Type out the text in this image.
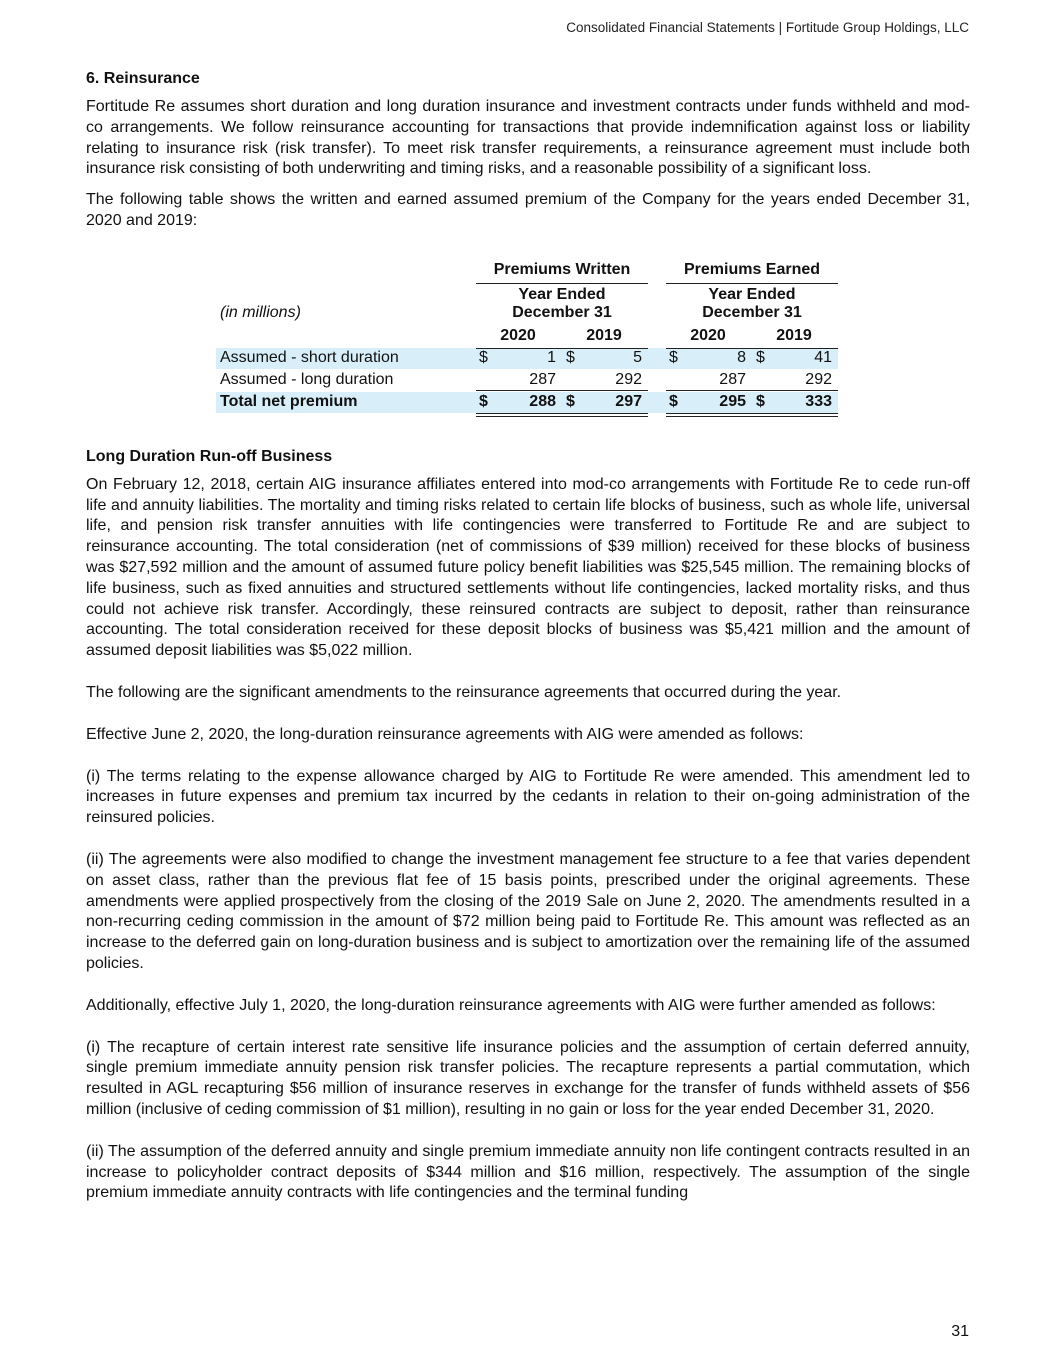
Consolidated Financial Statements | Fortitude Group Holdings, LLC
6. Reinsurance

Fortitude Re assumes short duration and long duration insurance and investment contracts under funds withheld and mod-co arrangements. We follow reinsurance accounting for transactions that provide indemnification against loss or liability relating to insurance risk (risk transfer). To meet risk transfer requirements, a reinsurance agreement must include both insurance risk consisting of both underwriting and timing risks, and a reasonable possibility of a significant loss.

The following table shows the written and earned assumed premium of the Company for the years ended December 31, 2020 and 2019:

Premiums Written	Premiums Earned
Year Ended
December 31
Year Ended
December 31
(in millions)
2020	2019	2020	2019
Assumed - short duration	$	1 $	5 $	8 $	41
Assumed - long duration	287	292	287	292
Total net premium	$	288 $	297 $	295 $	333
Long Duration Run-off Business

On February 12, 2018, certain AIG insurance affiliates entered into mod-co arrangements with Fortitude Re to cede run-off life and annuity liabilities. The mortality and timing risks related to certain life blocks of business, such as whole life, universal life, and pension risk transfer annuities with life contingencies were transferred to Fortitude Re and are subject to reinsurance accounting. The total consideration (net of commissions of $39 million) received for these blocks of business was $27,592 million and the amount of assumed future policy benefit liabilities was $25,545 million. The remaining blocks of life business, such as fixed annuities and structured settlements without life contingencies, lacked mortality risks, and thus could not achieve risk transfer. Accordingly, these reinsured contracts are subject to deposit, rather than reinsurance accounting. The total consideration received for these deposit blocks of business was $5,421 million and the amount of assumed deposit liabilities was $5,022 million.

The following are the significant amendments to the reinsurance agreements that occurred during the year.

Effective June 2, 2020, the long-duration reinsurance agreements with AIG were amended as follows:

(i) The terms relating to the expense allowance charged by AIG to Fortitude Re were amended. This amendment led to increases in future expenses and premium tax incurred by the cedants in relation to their on-going administration of the reinsured policies.

(ii) The agreements were also modified to change the investment management fee structure to a fee that varies dependent on asset class, rather than the previous flat fee of 15 basis points, prescribed under the original agreements. These amendments were applied prospectively from the closing of the 2019 Sale on June 2, 2020. The amendments resulted in a non-recurring ceding commission in the amount of $72 million being paid to Fortitude Re. This amount was reflected as an increase to the deferred gain on long-duration business and is subject to amortization over the remaining life of the assumed policies.

Additionally, effective July 1, 2020, the long-duration reinsurance agreements with AIG were further amended as follows:

(i) The recapture of certain interest rate sensitive life insurance policies and the assumption of certain deferred annuity, single premium immediate annuity pension risk transfer policies. The recapture represents a partial commutation, which resulted in AGL recapturing $56 million of insurance reserves in exchange for the transfer of funds withheld assets of $56 million (inclusive of ceding commission of $1 million), resulting in no gain or loss for the year ended December 31, 2020.

(ii) The assumption of the deferred annuity and single premium immediate annuity non life contingent contracts resulted in an increase to policyholder contract deposits of $344 million and $16 million, respectively. The assumption of the single premium immediate annuity contracts with life contingencies and the terminal funding

31
